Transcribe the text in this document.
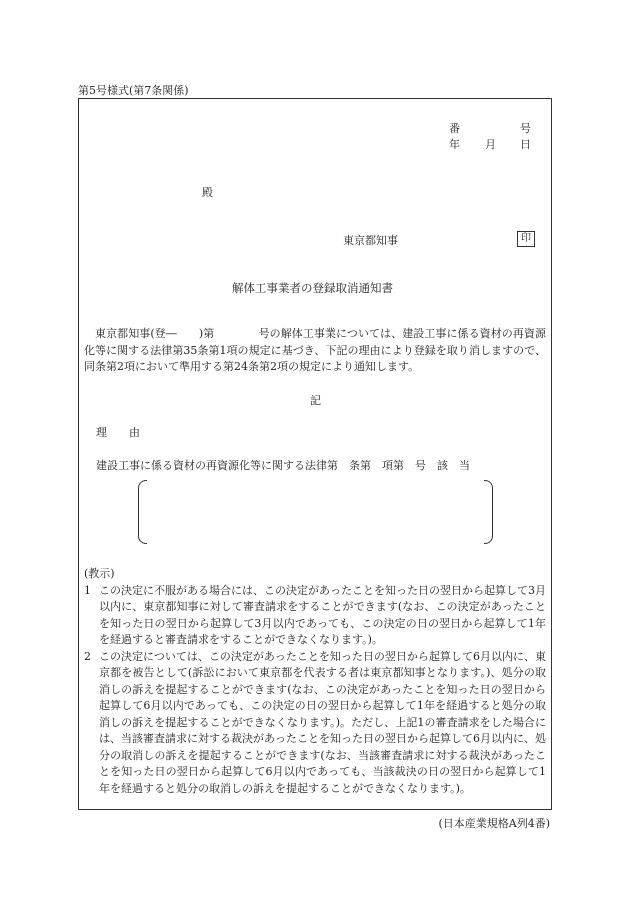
第5号様式(第7条関係)
番	号
年 月 日
殿
東京都知事	印
解体工事業者の登録取消通知書
東京都知事(登―　　)第　　　　号の解体工事業については、建設工事に係る資材の再資源化等に関する法律第35条第1項の規定に基づき、下記の理由により登録を取り消しますので、同条第2項において準用する第24条第2項の規定により通知します。
記
理　　由
建設工事に係る資材の再資源化等に関する法律第　条第　項第　号　該　当
(教示)
1 この決定に不服がある場合には、この決定があったことを知った日の翌日から起算して3月以内に、東京都知事に対して審査請求をすることができます(なお、この決定があったことを知った日の翌日から起算して3月以内であっても、この決定の日の翌日から起算して1年を経過すると審査請求をすることができなくなります。)。
2 この決定については、この決定があったことを知った日の翌日から起算して6月以内に、東京都を被告として(訴訟において東京都を代表する者は東京都知事となります。)、処分の取消しの訴えを提起することができます(なお、この決定があったことを知った日の翌日から起算して6月以内であっても、この決定の日の翌日から起算して1年を経過すると処分の取消しの訴えを提起することができなくなります。)。ただし、上記1の審査請求をした場合には、当該審査請求に対する裁決があったことを知った日の翌日から起算して6月以内に、処分の取消しの訴えを提起することができます(なお、当該審査請求に対する裁決があったことを知った日の翌日から起算して6月以内であっても、当該裁決の日の翌日から起算して1年を経過すると処分の取消しの訴えを提起することができなくなります。)。
(日本産業規格A列4番)
